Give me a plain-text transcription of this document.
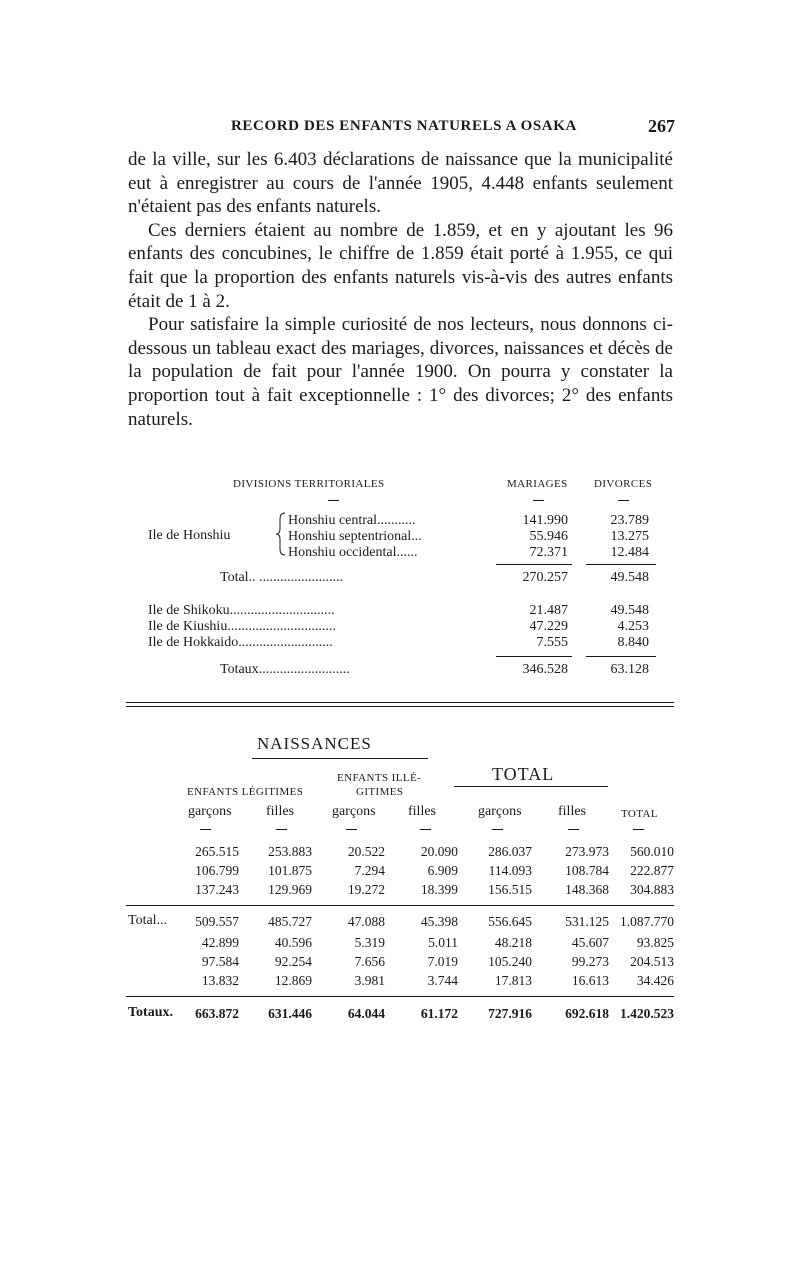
RECORD DES ENFANTS NATURELS A OSAKA	267

de la ville, sur les 6.403 déclarations de naissance que la municipalité eut à enregistrer au cours de l'année 1905, 4.448 enfants seulement n'étaient pas des enfants naturels.

Ces derniers étaient au nombre de 1.859, et en y ajoutant les 96 enfants des concubines, le chiffre de 1.859 était porté à 1.955, ce qui fait que la proportion des enfants naturels vis-à-vis des autres enfants était de 1 à 2.

Pour satisfaire la simple curiosité de nos lecteurs, nous donnons ci-dessous un tableau exact des mariages, divorces, naissances et décès de la population de fait pour l'année 1900. On pourra y constater la proportion tout à fait exceptionnelle : 1° des divorces; 2° des enfants naturels.

DIVISIONS TERRITORIALES	MARIAGES DIVORCES
Ile de Honshiu
Honshiu central...........	141.990	23.789
Honshiu septentrional...	55.946	13.275
Honshiu occidental......	72.371	12.484
Total.. ........................	270.257	49.548
Ile de Shikoku..............................	21.487	49.548
Ile de Kiushiu...............................	47.229	4.253
Ile de Hokkaido...........................	7.555	8.840
Totaux..........................	346.528	63.128
NAISSANCES
ENFANTS ILLÉ-
GITIMES
ENFANTS LÉGITIMES
TOTAL
garçons filles	garçons filles	garçons	filles	TOTAL
265.515	253.883	20.522	20.090	286.037	273.973	560.010
106.799	101.875	7.294	6.909	114.093	108.784	222.877
137.243	129.969	19.272	18.399	156.515	148.368	304.883
Total...	509.557	485.727	47.088	45.398	556.645	531.125 1.087.770
42.899	40.596	5.319	5.011	48.218	45.607	93.825
97.584	92.254	7.656	7.019	105.240	99.273	204.513
13.832	12.869	3.981	3.744	17.813	16.613	34.426
Totaux.	663.872	631.446	64.044	61.172	727.916	692.618 1.420.523
